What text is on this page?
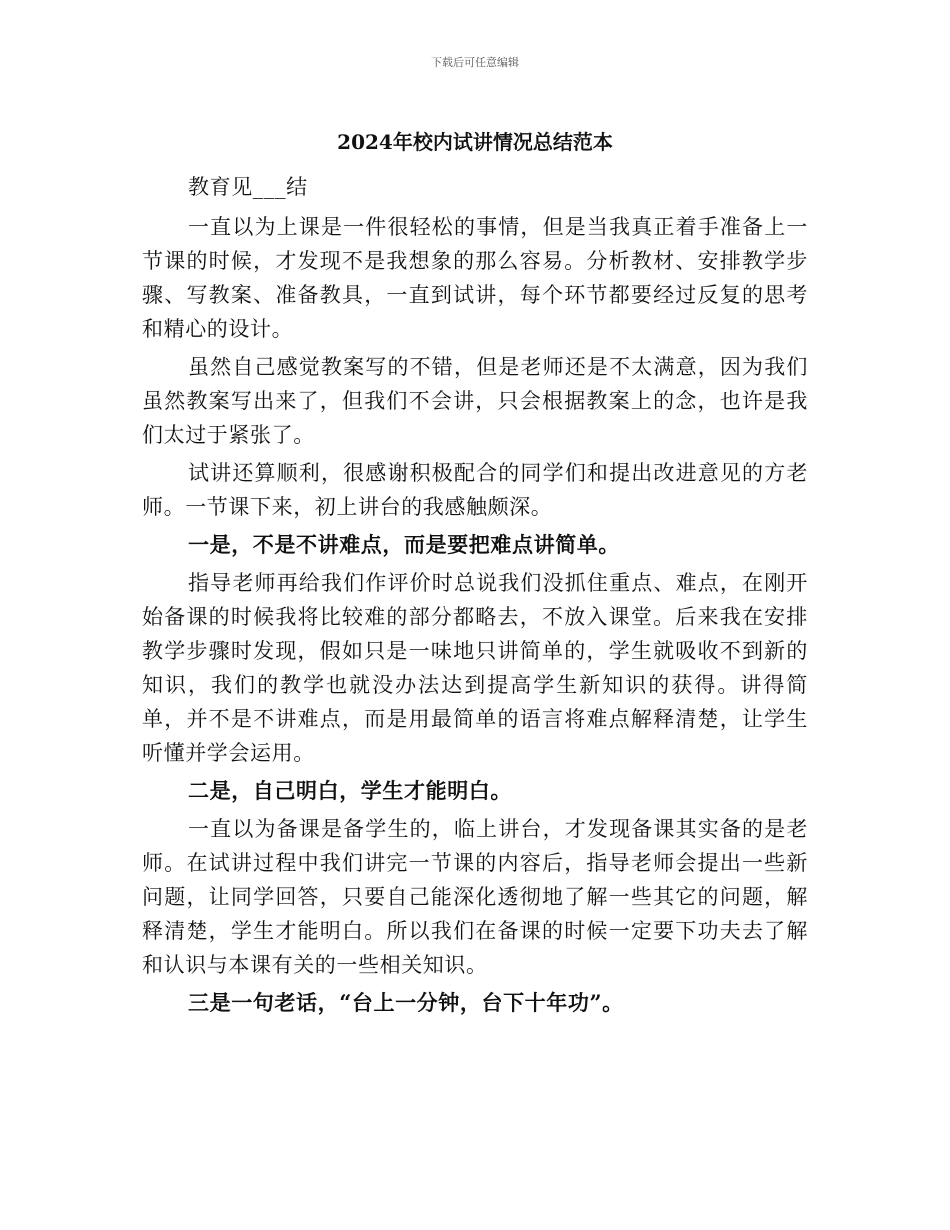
下载后可任意编辑
2024年校内试讲情况总结范本

教育见___结

一直以为上课是一件很轻松的事情，但是当我真正着手准备上一节课的时候，才发现不是我想象的那么容易。分析教材、安排教学步骤、写教案、准备教具，一直到试讲，每个环节都要经过反复的思考和精心的设计。

虽然自己感觉教案写的不错，但是老师还是不太满意，因为我们虽然教案写出来了，但我们不会讲，只会根据教案上的念，也许是我们太过于紧张了。

试讲还算顺利，很感谢积极配合的同学们和提出改进意见的方老师。一节课下来，初上讲台的我感触颇深。

一是，不是不讲难点，而是要把难点讲简单。

指导老师再给我们作评价时总说我们没抓住重点、难点，在刚开始备课的时候我将比较难的部分都略去，不放入课堂。后来我在安排教学步骤时发现，假如只是一味地只讲简单的，学生就吸收不到新的知识，我们的教学也就没办法达到提高学生新知识的获得。讲得简单，并不是不讲难点，而是用最简单的语言将难点解释清楚，让学生听懂并学会运用。

二是，自己明白，学生才能明白。

一直以为备课是备学生的，临上讲台，才发现备课其实备的是老师。在试讲过程中我们讲完一节课的内容后，指导老师会提出一些新问题，让同学回答，只要自己能深化透彻地了解一些其它的问题，解释清楚，学生才能明白。所以我们在备课的时候一定要下功夫去了解和认识与本课有关的一些相关知识。

三是一句老话，“台上一分钟，台下十年功”。
